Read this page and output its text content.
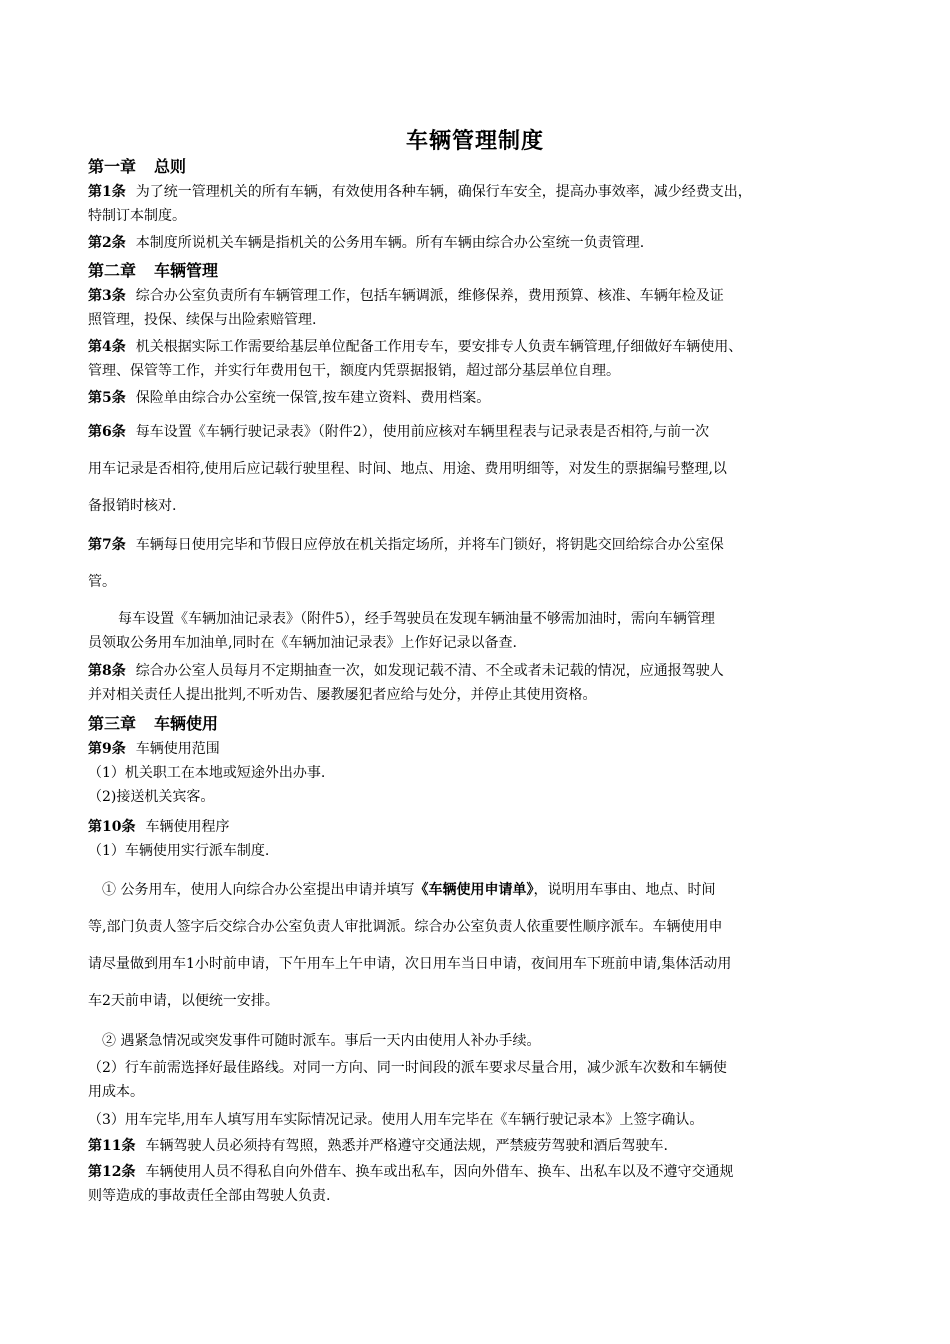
车辆管理制度
第一章 总则
第1条 为了统一管理机关的所有车辆，有效使用各种车辆，确保行车安全，提高办事效率，减少经费支出，
特制订本制度。
第2条 本制度所说机关车辆是指机关的公务用车辆。所有车辆由综合办公室统一负责管理.
第二章 车辆管理
第3条 综合办公室负责所有车辆管理工作，包括车辆调派，维修保养，费用预算、核准、车辆年检及证
照管理，投保、续保与出险索赔管理.
第4条 机关根据实际工作需要给基层单位配备工作用专车，要安排专人负责车辆管理,仔细做好车辆使用、
管理、保管等工作，并实行年费用包干，额度内凭票据报销，超过部分基层单位自理。
第5条 保险单由综合办公室统一保管,按车建立资料、费用档案。
第6条 每车设置《车辆行驶记录表》（附件2），使用前应核对车辆里程表与记录表是否相符,与前一次
用车记录是否相符,使用后应记载行驶里程、时间、地点、用途、费用明细等，对发生的票据编号整理,以
备报销时核对.
第7条 车辆每日使用完毕和节假日应停放在机关指定场所，并将车门锁好，将钥匙交回给综合办公室保
管。
每车设置《车辆加油记录表》（附件5），经手驾驶员在发现车辆油量不够需加油时，需向车辆管理
员领取公务用车加油单,同时在《车辆加油记录表》上作好记录以备查.
第8条 综合办公室人员每月不定期抽查一次，如发现记载不清、不全或者未记载的情况，应通报驾驶人
并对相关责任人提出批判,不听劝告、屡教屡犯者应给与处分，并停止其使用资格。
第三章 车辆使用
第9条 车辆使用范围
（1）机关职工在本地或短途外出办事.
（2)接送机关宾客。
第10条 车辆使用程序
（1）车辆使用实行派车制度.
① 公务用车，使用人向综合办公室提出申请并填写《车辆使用申请单》，说明用车事由、地点、时间
等,部门负责人签字后交综合办公室负责人审批调派。综合办公室负责人依重要性顺序派车。车辆使用申
请尽量做到用车1小时前申请，下午用车上午申请，次日用车当日申请，夜间用车下班前申请,集体活动用
车2天前申请，以便统一安排。
② 遇紧急情况或突发事件可随时派车。事后一天内由使用人补办手续。
（2）行车前需选择好最佳路线。对同一方向、同一时间段的派车要求尽量合用，减少派车次数和车辆使
用成本。
（3）用车完毕,用车人填写用车实际情况记录。使用人用车完毕在《车辆行驶记录本》上签字确认。
第11条 车辆驾驶人员必须持有驾照，熟悉并严格遵守交通法规，严禁疲劳驾驶和酒后驾驶车.
第12条 车辆使用人员不得私自向外借车、换车或出私车，因向外借车、换车、出私车以及不遵守交通规
则等造成的事故责任全部由驾驶人负责.
